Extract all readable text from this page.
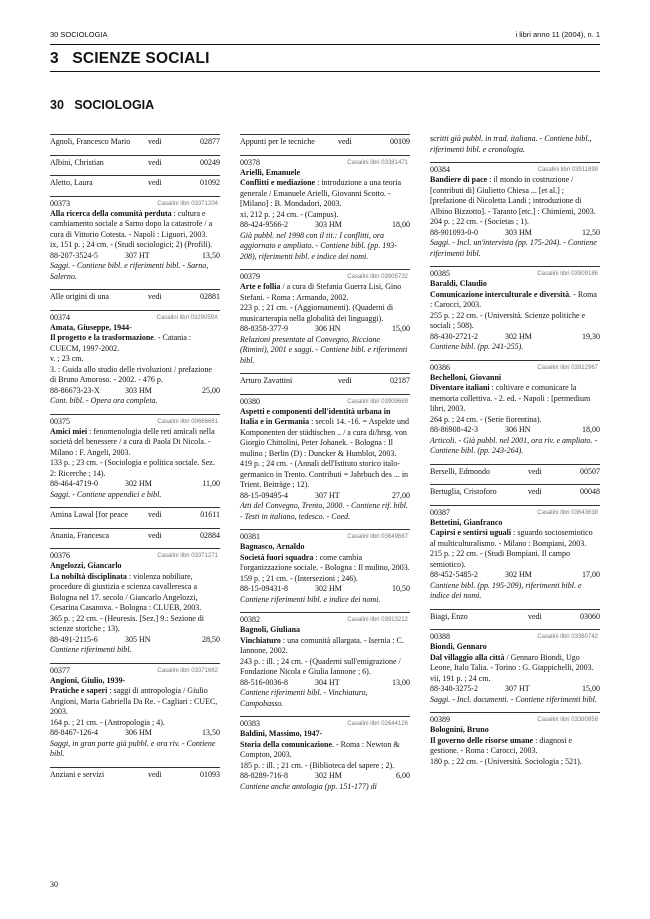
30 SOCIOLOGIA	i libri anno 11 (2004), n. 1
3   SCIENZE SOCIALI
30   SOCIOLOGIA
Agnoli, Francesco Mario	vedi	02877
Albini, Christian	vedi	00249
Aletto, Laura	vedi	01092
00373	Casalini libri 03371204
Alla ricerca della comunità perduta : cultura e cambiamento sociale a Sarno dopo la catastrofe / a cura di Vittorio Cotesta. - Napoli : Liguori, 2003.
ix, 151 p. ; 24 cm. - (Studi sociologici; 2) (Profili).
88-207-3524-5	307 HT	13,50
Saggi. - Contiene bibl. e riferimenti bibl. - Sarno, Salerno.
Alle origini di una	vedi	02881
00374	Casalini libri 0329059X
Amata, Giuseppe, 1944-
Il progetto e la trasformazione. - Catania : CUECM, 1997-2002.
v. ; 23 cm.
3. : Guida allo studio delle rivoluzioni / prefazione di Bruno Amoroso. - 2002. - 476 p.
88-86673-23-X	303 HM	25,00
Cont. bibl. - Opera ora completa.
00375	Casalini libri 00666661
Amici miei : fenomenologia delle reti amicali nella società del benessere / a cura di Paola Di Nicola. - Milano : F. Angeli, 2003.
133 p. ; 23 cm. - (Sociologia e politica sociale. Sez. 2: Ricerche ; 14).
88-464-4719-0	302 HM	11,00
Saggi. - Contiene appendici e bibl.
Amina Lawal [for peace	vedi	01611
Anania, Francesca	vedi	02884
00376	Casalini libri 03371271
Angelozzi, Giancarlo
La nobiltà disciplinata : violenza nobiliare, procedure di giustizia e scienza cavalleresca a Bologna nel 17. secolo / Giancarlo Angelozzi, Cesarina Casanova. - Bologna : CLUEB, 2003.
365 p. ; 22 cm. - (Heuresis. [Sez.] 9.: Sezione di scienze storiche ; 13).
88-491-2115-6	305 HN	28,50
Contiene riferimenti bibl.
00377	Casalini libri 03371662
Angioni, Giulio, 1939-
Pratiche e saperi : saggi di antropologia / Giulio Angioni, Maria Gabriella Da Re. - Cagliari : CUEC, 2003.
164 p. ; 21 cm. - (Antropologia ; 4).
88-8467-126-4	306 HM	13,50
Saggi, in gran parte già pubbl. e ora riv. - Contiene bibl.
Anziani e servizi	vedi	01093
Appunti per le tecniche	vedi	00109
00378	Casalini libri 03381471
Arielli, Emanuele
Conflitti e mediazione : introduzione a una teoria generale / Emanuele Arielli, Giovanni Scotto. - [Milano] : B. Mondadori, 2003.
xi, 212 p. ; 24 cm. - (Campus).
88-424-9566-2	303 HM	18,00
Già pubbl. nel 1998 con il tit.: I conflitti, ora aggiornato e ampliato. - Contiene bibl. (pp. 193-208), riferimenti bibl. e indice dei nomi.
00379	Casalini libri 03905732
Arte e follia / a cura di Stefania Guerra Lisi, Gino Stefani. - Roma : Armando, 2002.
223 p. ; 21 cm. - (Aggiornamenti). (Quaderni di musicarterapia nella globalità dei linguaggi).
88-8358-377-9	306 HN	15,00
Relazioni presentate al Convegno, Riccione (Rimini), 2001 e saggi. - Contiene bibl. e riferimenti bibl.
Arturo Zavattini	vedi	02187
00380	Casalini libri 03909669
Aspetti e componenti dell'identità urbana in Italia e in Germania : secoli 14. -16. = Aspekte und Komponenten der städtischen .. / a cura di/hrsg. von Giorgio Chittolini, Peter Johanek. - Bologna : Il mulino ; Berlin (D) : Duncker & Humblot, 2003.
419 p. ; 24 cm. - (Annali dell'Istituto storico italo-germanico in Trento. Contributi = Jahrbuch des ... in Trient. Beiträge ; 12).
88-15-09495-4	307 HT	27,00
Atti del Convegno, Trento, 2000. - Contiene rif. bibl. - Testi in italiano, tedesco. - Coed.
00381	Casalini libri 03649687
Bagnasco, Arnaldo
Società fuori squadra : come cambia l'organizzazione sociale. - Bologna : Il mulino, 2003.
159 p. ; 21 cm. - (Intersezioni ; 246).
88-15-09431-8	302 HM	10,50
Contiene riferimenti bibl. e indice dei nomi.
00382	Casalini libri 03913212
Bagnoli, Giuliana
Vinchiaturo : una comunità allargata. - Isernia : C. Iannone, 2002.
243 p. : ill. ; 24 cm. - (Quaderni sull'emigrazione / Fondazione Nicola e Giulia Iannone ; 6).
88-516-0036-8	304 HT	13,00
Contiene riferimenti bibl. - Vinchiaturo, Campobasso.
00383	Casalini libri 02644126
Baldini, Massimo, 1947-
Storia della comunicazione. - Roma : Newton & Compton, 2003.
185 p. : ill. ; 21 cm. - (Biblioteca del sapere ; 2).
88-8289-716-8	302 HM	6,00
Contiene anche antologia (pp. 151-177) di
scritti già pubbl. in trad. italiana. - Contiene bibl., riferimenti bibl. e cronologia.
00384	Casalini libri 03911899
Bandiere di pace : il mondo in costruzione / [contributi di] Giulietto Chiesa ... [et al.] ; [prefazione di Nicoletta Landi ; introduzione di Albino Bizzotto]. - Taranto [etc.] : Chimienti, 2003.
204 p. ; 22 cm. - (Societas ; 1).
88-901093-0-0	303 HM	12,50
Saggi. - Incl. un'intervista (pp. 175-204). - Contiene riferimenti bibl.
00385	Casalini libri 03909186
Baraldi, Claudio
Comunicazione interculturale e diversità. - Roma : Carocci, 2003.
255 p. ; 22 cm. - (Università. Scienze politiche e sociali ; 508).
88-430-2721-2	302 HM	19,30
Contiene bibl. (pp. 241-255).
00386	Casalini libri 03912967
Bechelloni, Giovanni
Diventare italiani : coltivare e comunicare la memoria collettiva. - 2. ed. - Napoli : [permedium libri, 2003.
264 p. ; 24 cm. - (Serie fiorentina).
88-86908-42-3	306 HN	18,00
Articoli. - Già pubbl. nel 2001, ora riv. e ampliato. - Contiene bibl. (pp. 243-264).
Berselli, Edmondo	vedi	00507
Bertuglia, Cristoforo	vedi	00048
00387	Casalini libri 03643638
Bettetini, Gianfranco
Capirsi e sentirsi uguali : sguardo sociosemiotico al multiculturalismo. - Milano : Bompiani, 2003.
215 p. ; 22 cm. - (Studi Bompiani. Il campo semiotico).
88-452-5485-2	302 HM	17,00
Contiene bibl. (pp. 195-209), riferimenti bibl. e indice dei nomi.
Biagi, Enzo	vedi	03060
00388	Casalini libri 03380742
Biondi, Gennaro
Dal villaggio alla città / Gennaro Biondi, Ugo Leone, Italo Talia. - Torino : G. Giappichelli, 2003.
vii, 191 p. ; 24 cm.
88-348-3275-2	307 HT	15,00
Saggi. - Incl. documenti. - Contiene riferimenti bibl.
00389	Casalini libri 03380858
Bolognini, Bruno
Il governo delle risorse umane : diagnosi e gestione. - Roma : Carocci, 2003.
180 p. ; 22 cm. - (Università. Sociologia ; 521).
30
